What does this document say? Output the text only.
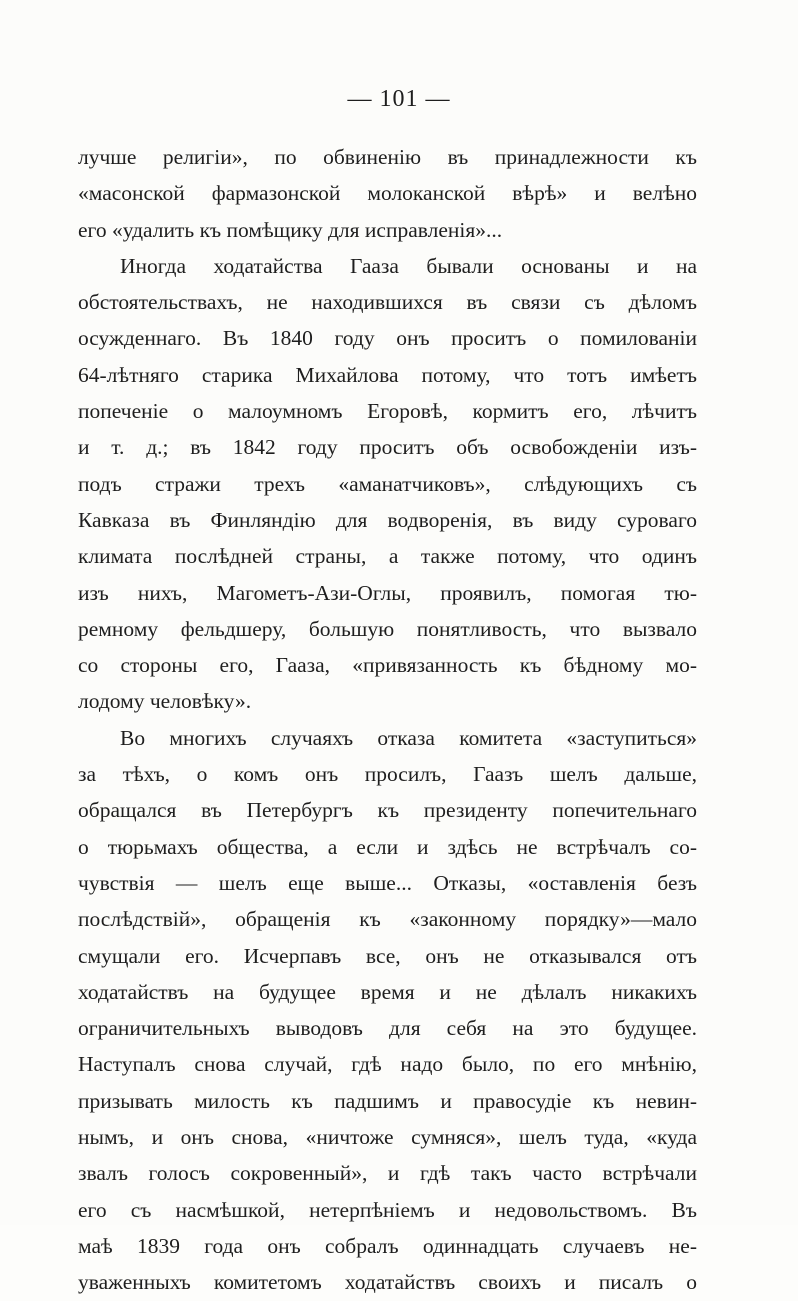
— 101 —
лучше религіи», по обвиненію въ принадлежности къ
«масонской фармазонской молоканской вѣрѣ» и велѣно
его «удалить къ помѣщику для исправленія»...
Иногда ходатайства Гааза бывали основаны и на
обстоятельствахъ, не находившихся въ связи съ дѣломъ
осужденнаго. Въ 1840 году онъ проситъ о помилованіи
64-лѣтняго старика Михайлова потому, что тотъ имѣетъ
попеченіе о малоумномъ Егоровѣ, кормитъ его, лѣчитъ
и т. д.; въ 1842 году проситъ объ освобожденіи изъ-
подъ стражи трехъ «аманатчиковъ», слѣдующихъ съ
Кавказа въ Финляндію для водворенія, въ виду суроваго
климата послѣдней страны, а также потому, что одинъ
изъ нихъ, Магометъ-Ази-Оглы, проявилъ, помогая тю-
ремному фельдшеру, большую понятливость, что вызвало
со стороны его, Гааза, «привязанность къ бѣдному мо-
лодому человѣку».
Во многихъ случаяхъ отказа комитета «заступиться»
за тѣхъ, о комъ онъ просилъ, Гаазъ шелъ дальше,
обращался въ Петербургъ къ президенту попечительнаго
о тюрьмахъ общества, а если и здѣсь не встрѣчалъ со-
чувствія — шелъ еще выше... Отказы, «оставленія безъ
послѣдствій», обращенія къ «законному порядку»—мало
смущали его. Исчерпавъ все, онъ не отказывался отъ
ходатайствъ на будущее время и не дѣлалъ никакихъ
ограничительныхъ выводовъ для себя на это будущее.
Наступалъ снова случай, гдѣ надо было, по его мнѣнію,
призывать милость къ падшимъ и правосудіе къ невин-
нымъ, и онъ снова, «ничтоже сумняся», шелъ туда, «куда
звалъ голосъ сокровенный», и гдѣ такъ часто встрѣчали
его съ насмѣшкой, нетерпѣніемъ и недовольствомъ. Въ
маѣ 1839 года онъ собралъ одиннадцать случаевъ не-
уваженныхъ комитетомъ ходатайствъ своихъ и писалъ о
